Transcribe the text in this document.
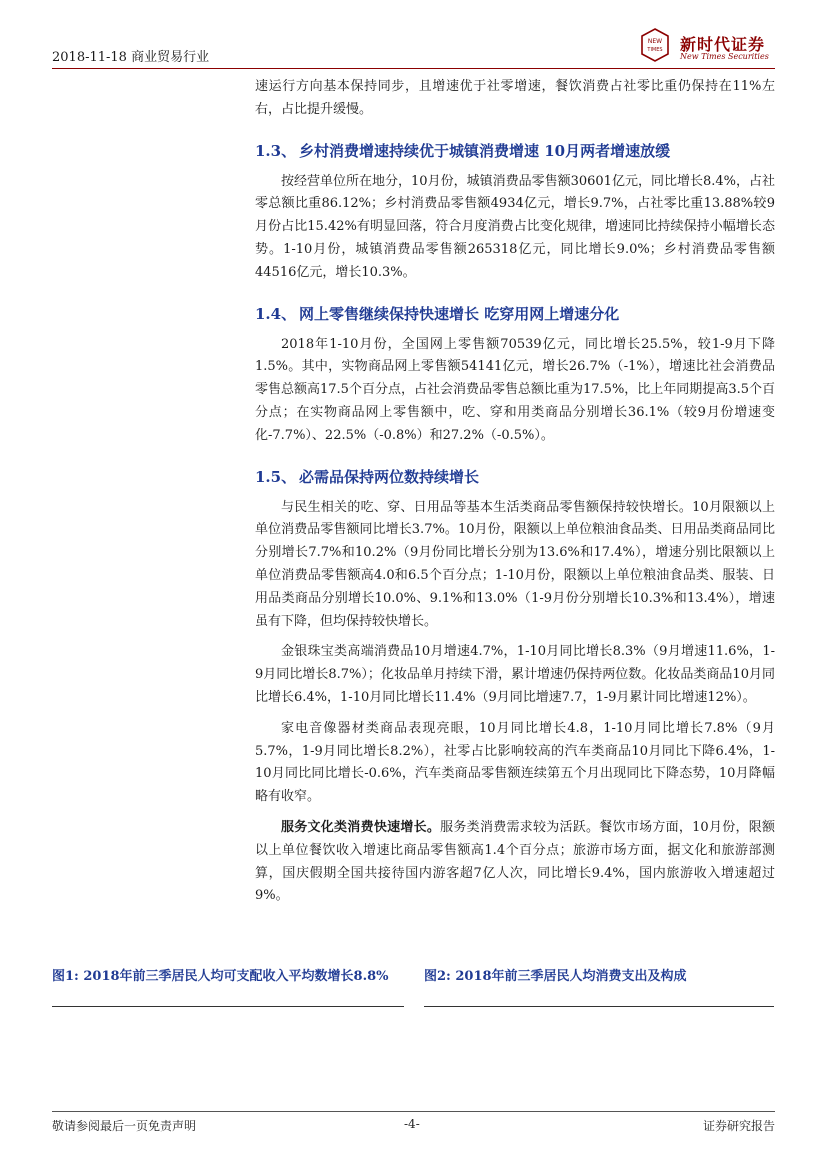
2018-11-18 商业贸易行业
NEW
TIMES 新时代证券
New Times Securities

速运行方向基本保持同步，且增速优于社零增速，餐饮消费占社零比重仍保持在11%左右，占比提升缓慢。

1.3、 乡村消费增速持续优于城镇消费增速 10月两者增速放缓

按经营单位所在地分，10月份，城镇消费品零售额30601亿元，同比增长8.4%，占社零总额比重86.12%；乡村消费品零售额4934亿元，增长9.7%，占社零比重13.88%较9月份占比15.42%有明显回落，符合月度消费占比变化规律，增速同比持续保持小幅增长态势。1-10月份，城镇消费品零售额265318亿元，同比增长9.0%；乡村消费品零售额44516亿元，增长10.3%。

1.4、 网上零售继续保持快速增长 吃穿用网上增速分化

2018年1-10月份，全国网上零售额70539亿元，同比增长25.5%，较1-9月下降1.5%。其中，实物商品网上零售额54141亿元，增长26.7%（-1%），增速比社会消费品零售总额高17.5个百分点，占社会消费品零售总额比重为17.5%，比上年同期提高3.5个百分点；在实物商品网上零售额中，吃、穿和用类商品分别增长36.1%（较9月份增速变化-7.7%）、22.5%（-0.8%）和27.2%（-0.5%）。

1.5、 必需品保持两位数持续增长

与民生相关的吃、穿、日用品等基本生活类商品零售额保持较快增长。10月限额以上单位消费品零售额同比增长3.7%。10月份，限额以上单位粮油食品类、日用品类商品同比分别增长7.7%和10.2%（9月份同比增长分别为13.6%和17.4%），增速分别比限额以上单位消费品零售额高4.0和6.5个百分点；1-10月份，限额以上单位粮油食品类、服装、日用品类商品分别增长10.0%、9.1%和13.0%（1-9月份分别增长10.3%和13.4%），增速虽有下降，但均保持较快增长。

金银珠宝类高端消费品10月增速4.7%，1-10月同比增长8.3%（9月增速11.6%，1-9月同比增长8.7%）；化妆品单月持续下滑，累计增速仍保持两位数。化妆品类商品10月同比增长6.4%，1-10月同比增长11.4%（9月同比增速7.7，1-9月累计同比增速12%）。

家电音像器材类商品表现亮眼，10月同比增长4.8，1-10月同比增长7.8%（9月5.7%，1-9月同比增长8.2%），社零占比影响较高的汽车类商品10月同比下降6.4%，1-10月同比同比增长-0.6%，汽车类商品零售额连续第五个月出现同比下降态势，10月降幅略有收窄。

服务文化类消费快速增长。服务类消费需求较为活跃。餐饮市场方面，10月份，限额以上单位餐饮收入增速比商品零售额高1.4个百分点；旅游市场方面，据文化和旅游部测算，国庆假期全国共接待国内游客超7亿人次，同比增长9.4%，国内旅游收入增速超过9%。

图1: 2018年前三季居民人均可支配收入平均数增长8.8%	图2: 2018年前三季居民人均消费支出及构成
敬请参阅最后一页免责声明	-4-	证券研究报告
